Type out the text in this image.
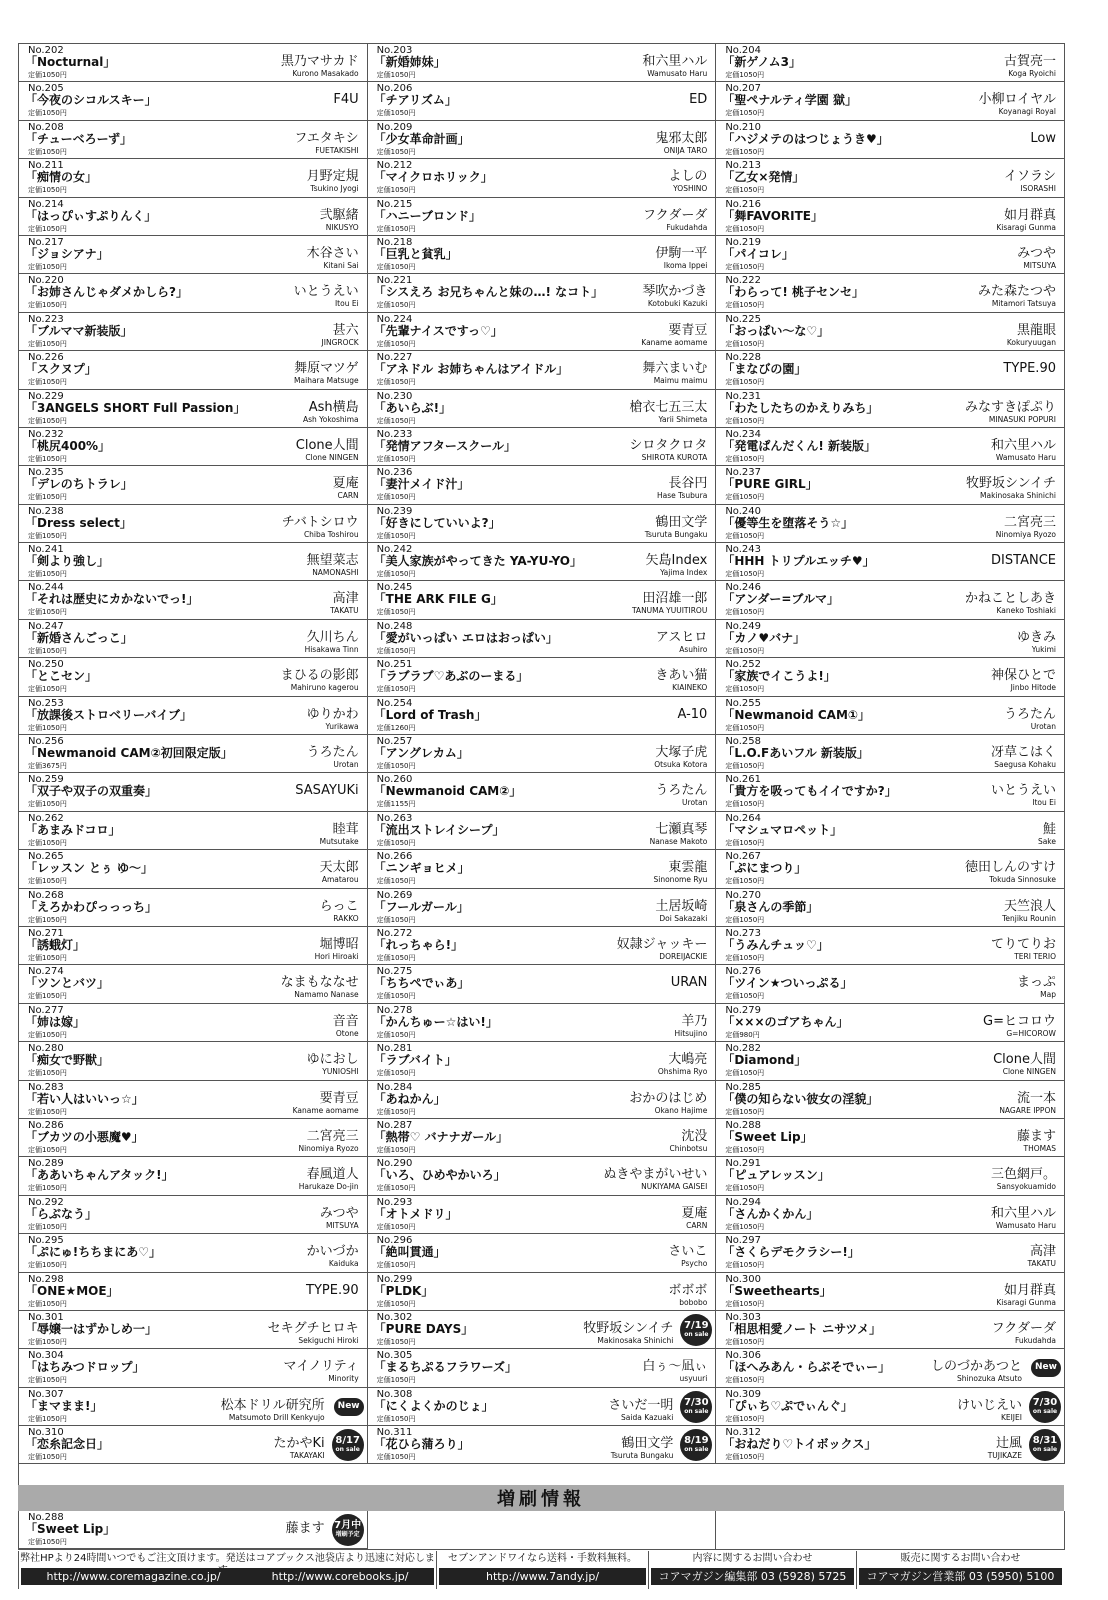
No.202
「Nocturnal」
定価1050円
黒乃マサカド
Kurono Masakado
No.203
「新婚姉妹」
定価1050円
和六里ハル
Wamusato Haru
No.204
「新ゲノム3」
定価1050円
古賀亮一
Koga Ryoichi
No.205
「今夜のシコルスキー」
定価1050円
F4U
No.206
「チアリズム」
定価1050円
ED
No.207
「聖ペナルティ学園 獄」
定価1050円
小柳ロイヤル
Koyanagi Royal
No.208
「チューベろーず」
定価1050円
フエタキシ
FUETAKISHI
No.209
「少女革命計画」
定価1050円
鬼邪太郎
ONIJA TARO
No.210
「ハジメテのはつじょうき♥」
定価1050円
Low
No.211
「痴情の女」
定価1050円
月野定規
Tsukino Jyogi
No.212
「マイクロホリック」
定価1050円
よしの
YOSHINO
No.213
「乙女×発情」
定価1050円
イソラシ
ISORASHI
No.214
「はっぴぃすぷりんく」
定価1050円
弐駆緒
NIKUSYO
No.215
「ハニーブロンド」
定価1050円
フクダーダ
Fukudahda
No.216
「舞FAVORITE」
定価1050円
如月群真
Kisaragi Gunma
No.217
「ジョシアナ」
定価1050円
木谷さい
Kitani Sai
No.218
「巨乳と貧乳」
定価1050円
伊駒一平
Ikoma Ippei
No.219
「パイコレ」
定価1050円
みつや
MITSUYA
No.220
「お姉さんじゃダメかしら?」
定価1050円
いとうえい
Itou Ei
No.221
「シスえろ お兄ちゃんと妹の…! なコト」
定価1050円
琴吹かづき
Kotobuki Kazuki
No.222
「わらって! 桃子センセ」
定価1050円
みた森たつや
Mitamori Tatsuya
No.223
「ブルママ新装版」
定価1050円
甚六
JINGROCK
No.224
「先輩ナイスですっ♡」
定価1050円
要青豆
Kaname aomame
No.225
「おっぱい〜な♡」
定価1050円
黒龍眼
Kokuryuugan
No.226
「スクヌプ」
定価1050円
舞原マツゲ
Maihara Matsuge
No.227
「アネドル お姉ちゃんはアイドル」
定価1050円
舞六まいむ
Maimu maimu
No.228
「まなびの園」
定価1050円
TYPE.90
No.229
「3ANGELS SHORT Full Passion」
定価1050円
Ash横島
Ash Yokoshima
No.230
「あいらぶ!」
定価1050円
槍衣七五三太
Yarii Shimeta
No.231
「わたしたちのかえりみち」
定価1050円
みなすきぽぷり
MINASUKI POPURI
No.232
「桃尻400%」
定価1050円
Clone人間
Clone NINGEN
No.233
「発情アフタースクール」
定価1050円
シロタクロタ
SHIROTA KUROTA
No.234
「発電ぱんだくん! 新装版」
定価1050円
和六里ハル
Wamusato Haru
No.235
「デレのちトラレ」
定価1050円
夏庵
CARN
No.236
「妻汁メイド汁」
定価1050円
長谷円
Hase Tsubura
No.237
「PURE GIRL」
定価1050円
牧野坂シンイチ
Makinosaka Shinichi
No.238
「Dress select」
定価1050円
チバトシロウ
Chiba Toshirou
No.239
「好きにしていいよ?」
定価1050円
鶴田文学
Tsuruta Bungaku
No.240
「優等生を堕落そう☆」
定価1050円
二宮亮三
Ninomiya Ryozo
No.241
「剣より強し」
定価1050円
無望菜志
NAMONASHI
No.242
「美人家族がやってきた YA-YU-YO」
定価1050円
矢島Index
Yajima Index
No.243
「HHH トリプルエッチ♥」
定価1050円
DISTANCE
No.244
「それは歴史にカかないでっ!」
定価1050円
高津
TAKATU
No.245
「THE ARK FILE G」
定価1050円
田沼雄一郎
TANUMA YUUITIROU
No.246
「アンダー=ブルマ」
定価1050円
かねことしあき
Kaneko Toshiaki
No.247
「新婚さんごっこ」
定価1050円
久川ちん
Hisakawa Tinn
No.248
「愛がいっぱい エロはおっぱい」
定価1050円
アスヒロ
Asuhiro
No.249
「カノ♥バナ」
定価1050円
ゆきみ
Yukimi
No.250
「とこセン」
定価1050円
まひるの影郎
Mahiruno kagerou
No.251
「ラブラブ♡あぶのーまる」
定価1050円
きあい猫
KIAINEKO
No.252
「家族でイこうよ!」
定価1050円
神保ひとで
Jinbo Hitode
No.253
「放課後ストロベリーバイブ」
定価1050円
ゆりかわ
Yurikawa
No.254
「Lord of Trash」
定価1260円
A-10
No.255
「Newmanoid CAM①」
定価1050円
うろたん
Urotan
No.256
「Newmanoid CAM②初回限定版」
定価3675円
うろたん
Urotan
No.257
「アングレカム」
定価1050円
大塚子虎
Otsuka Kotora
No.258
「L.O.Fあいフル 新装版」
定価1050円
冴草こはく
Saegusa Kohaku
No.259
「双子や双子の双重奏」
定価1050円
SASAYUKi
No.260
「Newmanoid CAM②」
定価1155円
うろたん
Urotan
No.261
「貴方を吸ってもイイですか?」
定価1050円
いとうえい
Itou Ei
No.262
「あまみドコロ」
定価1050円
睦茸
Mutsutake
No.263
「流出ストレイシープ」
定価1050円
七瀬真琴
Nanase Makoto
No.264
「マシュマロペット」
定価1050円
鮭
Sake
No.265
「レッスン とぅ ゆ〜」
定価1050円
天太郎
Amatarou
No.266
「ニンギョヒメ」
定価1050円
東雲龍
Sinonome Ryu
No.267
「ぷにまつり」
定価1050円
徳田しんのすけ
Tokuda Sinnosuke
No.268
「えろかわぴっっっち」
定価1050円
らっこ
RAKKO
No.269
「フールガール」
定価1050円
土居坂崎
Doi Sakazaki
No.270
「泉さんの季節」
定価1050円
天竺浪人
Tenjiku Rounin
No.271
「誘蛾灯」
定価1050円
堀博昭
Hori Hiroaki
No.272
「れっちゃら!」
定価1050円
奴隷ジャッキー
DOREIJACKIE
No.273
「うみんチュッ♡」
定価1050円
てりてりお
TERI TERIO
No.274
「ツンとバツ」
定価1050円
なまもななせ
Namamo Nanase
No.275
「ちちぺでぃあ」
定価1050円
URAN
No.276
「ツイン★ついっぷる」
定価1050円
まっぷ
Map
No.277
「姉は嫁」
定価1050円
音音
Otone
No.278
「かんちゅー☆はい!」
定価1050円
羊乃
Hitsujino
No.279
「×××のゴアちゃん」
定価980円
G=ヒコロウ
G=HICOROW
No.280
「痴女で野獣」
定価1050円
ゆにおし
YUNIOSHI
No.281
「ラブバイト」
定価1050円
大嶋亮
Ohshima Ryo
No.282
「Diamond」
定価1050円
Clone人間
Clone NINGEN
No.283
「若い人はいいっ☆」
定価1050円
要青豆
Kaname aomame
No.284
「あねかん」
定価1050円
おかのはじめ
Okano Hajime
No.285
「僕の知らない彼女の淫貌」
定価1050円
流一本
NAGARE IPPON
No.286
「ブカツの小悪魔♥」
定価1050円
二宮亮三
Ninomiya Ryozo
No.287
「熱帯♡ バナナガール」
定価1050円
沈没
Chinbotsu
No.288
「Sweet Lip」
定価1050円
藤ます
THOMAS
No.289
「ああいちゃんアタック!」
定価1050円
春風道人
Harukaze Do-jin
No.290
「いろ、ひめやかいろ」
定価1050円
ぬきやまがいせい
NUKIYAMA GAISEI
No.291
「ピュアレッスン」
定価1050円
三色網戸。
Sansyokuamido
No.292
「らぶなう」
定価1050円
みつや
MITSUYA
No.293
「オトメドリ」
定価1050円
夏庵
CARN
No.294
「さんかくかん」
定価1050円
和六里ハル
Wamusato Haru
No.295
「ぷにゅ!ちちまにあ♡」
定価1050円
かいづか
Kaiduka
No.296
「絶叫貫通」
定価1050円
さいこ
Psycho
No.297
「さくらデモクラシー!」
定価1050円
高津
TAKATU
No.298
「ONE★MOE」
定価1050円
TYPE.90
No.299
「PLDK」
定価1050円
ボボボ
bobobo
No.300
「Sweethearts」
定価1050円
如月群真
Kisaragi Gunma
No.301
「辱嬢一はずかしめ一」
定価1050円
セキグチヒロキ
Sekiguchi Hiroki
No.302
「PURE DAYS」
定価1050円
牧野坂シンイチ
Makinosaka Shinichi
7/19
on sale
No.303
「相思相愛ノート ニサツメ」
定価1050円
フクダーダ
Fukudahda
No.304
「はちみつドロップ」
定価1050円
マイノリティ
Minority
No.305
「まるちぷるフラワーズ」
定価1050円
白ぅ〜凪ぃ
usyuuri
No.306
「ほへみあん・らぶそでぃー」
定価1050円
しのづかあつと
Shinozuka Atsuto
New
No.307
「まマまま!」
定価1050円
松本ドリル研究所
Matsumoto Drill Kenkyujo
New
No.308
「にくよくかのじょ」
定価1050円
さいだ一明
Saida Kazuaki
7/30
on sale
No.309
「ぴぃち♡ぷでぃんぐ」
定価1050円
けいじえい
KEIJEI
7/30
on sale
No.310
「恋糸記念日」
定価1050円
たかやKi
TAKAYAKI
8/17
on sale
No.311
「花ひら蒲ろり」
定価1050円
鶴田文学
Tsuruta Bungaku
8/19
on sale
No.312
「おねだり♡トイボックス」
定価1050円
辻風
TUJIKAZE
8/31
on sale
増刷情報
No.288
「Sweet Lip」
定価1050円
藤ます 7月中
増刷予定
弊社HPより24時間いつでもご注文頂けます。発送はコアブックス池袋店より迅速に対応しま
http://www.coremagazine.co.jp/	http://www.corebooks.jp/
セブンアンドワイなら送料・手数料無料。
http://www.7andy.jp/
内容に関するお問い合わせ
コアマガジン編集部 03 (5928) 5725
販売に関するお問い合わせ
コアマガジン営業部 03 (5950) 5100
